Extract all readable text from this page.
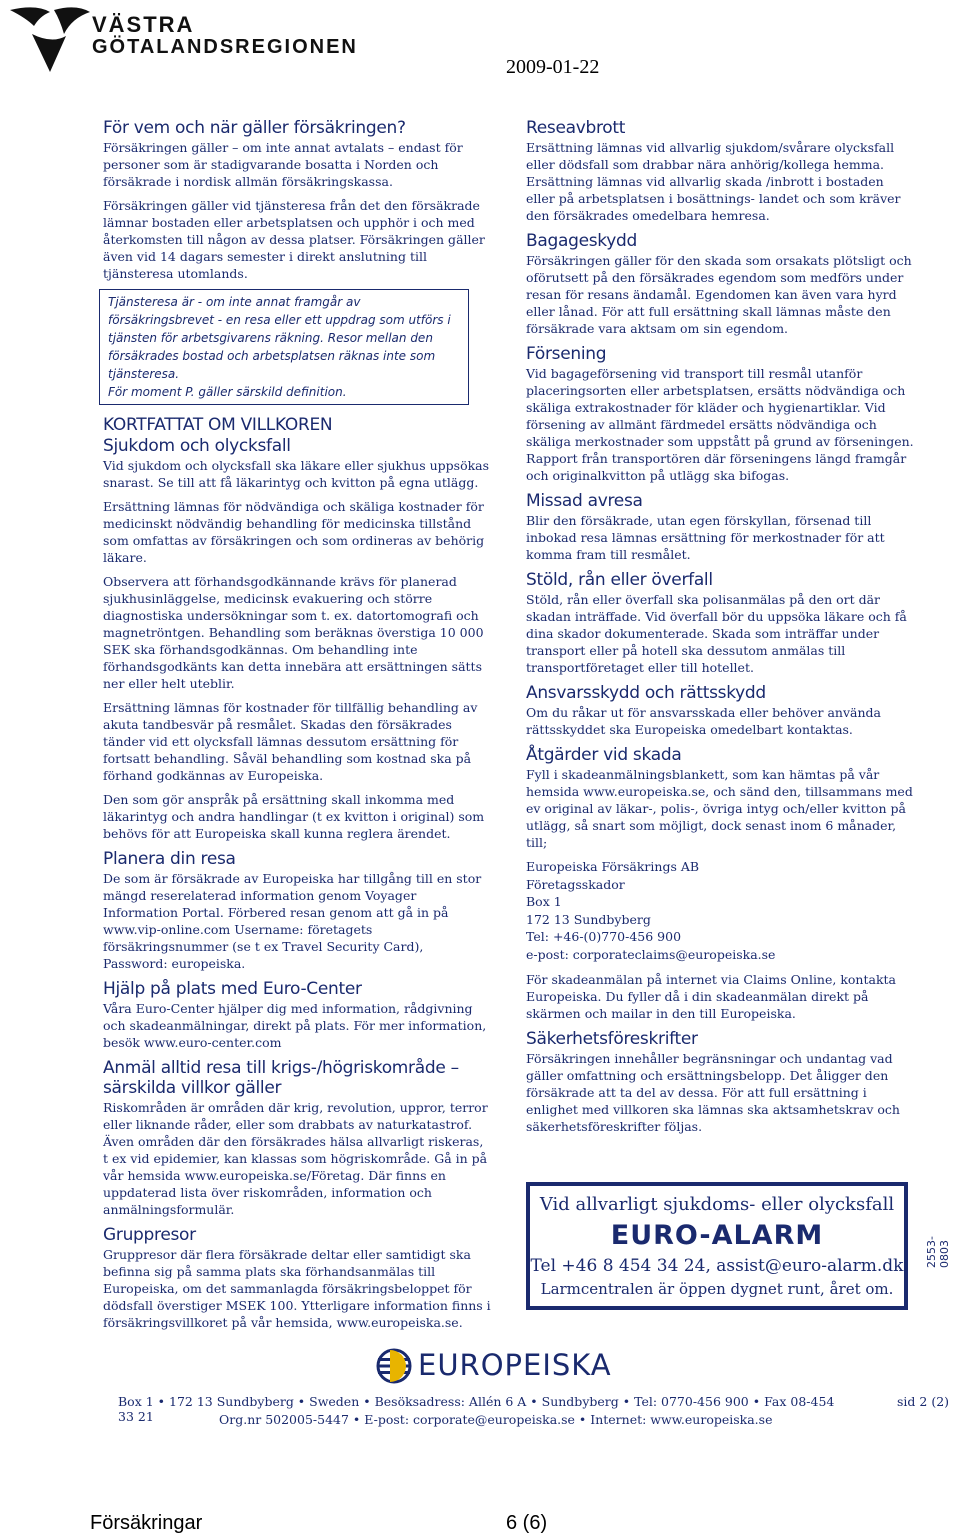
VÄSTRA
GÖTALANDSREGIONEN
2009-01-22
För vem och när gäller försäkringen?
Försäkringen gäller – om inte annat avtalats – endast för personer som är stadigvarande bosatta i Norden och försäkrade i nordisk allmän försäkringskassa.
Försäkringen gäller vid tjänsteresa från det den försäkrade lämnar bostaden eller arbetsplatsen och upphör i och med återkomsten till någon av dessa platser. Försäkringen gäller även vid 14 dagars semester i direkt anslutning till tjänsteresa utomlands.
Tjänsteresa är - om inte annat framgår av försäkringsbrevet - en resa eller ett uppdrag som utförs i tjänsten för arbetsgivarens räkning. Resor mellan den försäkrades bostad och arbetsplatsen räknas inte som tjänsteresa.
För moment P. gäller särskild definition.
KORTFATTAT OM VILLKOREN
Sjukdom och olycksfall
Vid sjukdom och olycksfall ska läkare eller sjukhus uppsökas snarast. Se till att få läkarintyg och kvitton på egna utlägg.
Ersättning lämnas för nödvändiga och skäliga kostnader för medicinskt nödvändig behandling för medicinska tillstånd som omfattas av försäkringen och som ordineras av behörig läkare.
Observera att förhandsgodkännande krävs för planerad sjukhusinläggelse, medicinsk evakuering och större diagnostiska undersökningar som t. ex. datortomografi och magnetröntgen. Behandling som beräknas överstiga 10 000 SEK ska förhandsgodkännas. Om behandling inte förhandsgodkänts kan detta innebära att ersättningen sätts ner eller helt uteblir.
Ersättning lämnas för kostnader för tillfällig behandling av akuta tandbesvär på resmålet. Skadas den försäkrades tänder vid ett olycksfall lämnas dessutom ersättning för fortsatt behandling. Såväl behandling som kostnad ska på förhand godkännas av Europeiska.
Den som gör anspråk på ersättning skall inkomma med läkarintyg och andra handlingar (t ex kvitton i original) som behövs för att Europeiska skall kunna reglera ärendet.
Planera din resa
De som är försäkrade av Europeiska har tillgång till en stor mängd reserelaterad information genom Voyager Information Portal. Förbered resan genom att gå in på www.vip-online.com Username: företagets försäkringsnummer (se t ex Travel Security Card), Password: europeiska.
Hjälp på plats med Euro-Center
Våra Euro-Center hjälper dig med information, rådgivning och skadeanmälningar, direkt på plats. För mer information, besök www.euro-center.com
Anmäl alltid resa till krigs-/högriskområde – särskilda villkor gäller
Riskområden är områden där krig, revolution, uppror, terror eller liknande råder, eller som drabbats av naturkatastrof. Även områden där den försäkrades hälsa allvarligt riskeras, t ex vid epidemier, kan klassas som högriskområde. Gå in på vår hemsida www.europeiska.se/Företag. Där finns en uppdaterad lista över riskområden, information och anmälningsformulär.
Gruppresor
Gruppresor där flera försäkrade deltar eller samtidigt ska befinna sig på samma plats ska förhandsanmälas till Europeiska, om det sammanlagda försäkringsbeloppet för dödsfall överstiger MSEK 100. Ytterligare information finns i försäkringsvillkoret på vår hemsida, www.europeiska.se.
Reseavbrott
Ersättning lämnas vid allvarlig sjukdom/svårare olycksfall eller dödsfall som drabbar nära anhörig/kollega hemma. Ersättning lämnas vid allvarlig skada /inbrott i bostaden eller på arbetsplatsen i bosättnings- landet och som kräver den försäkrades omedelbara hemresa.
Bagageskydd
Försäkringen gäller för den skada som orsakats plötsligt och oförutsett på den försäkrades egendom som medförs under resan för resans ändamål. Egendomen kan även vara hyrd eller lånad. För att full ersättning skall lämnas måste den försäkrade vara aktsam om sin egendom.
Försening
Vid bagageförsening vid transport till resmål utanför placeringsorten eller arbetsplatsen, ersätts nödvändiga och skäliga extrakostnader för kläder och hygienartiklar. Vid försening av allmänt färdmedel ersätts nödvändiga och skäliga merkostnader som uppstått på grund av förseningen. Rapport från transportören där förseningens längd framgår och originalkvitton på utlägg ska bifogas.
Missad avresa
Blir den försäkrade, utan egen förskyllan, försenad till inbokad resa lämnas ersättning för merkostnader för att komma fram till resmålet.
Stöld, rån eller överfall
Stöld, rån eller överfall ska polisanmälas på den ort där skadan inträffade. Vid överfall bör du uppsöka läkare och få dina skador dokumenterade. Skada som inträffar under transport eller på hotell ska dessutom anmälas till transportföretaget eller till hotellet.
Ansvarsskydd och rättsskydd
Om du råkar ut för ansvarsskada eller behöver använda rättsskyddet ska Europeiska omedelbart kontaktas.
Åtgärder vid skada
Fyll i skadeanmälningsblankett, som kan hämtas på vår hemsida www.europeiska.se, och sänd den, tillsammans med ev original av läkar-, polis-, övriga intyg och/eller kvitton på utlägg, så snart som möjligt, dock senast inom 6 månader, till;
Europeiska Försäkrings AB
Företagsskador
Box 1
172 13 Sundbyberg
Tel: +46-(0)770-456 900
e-post: corporateclaims@europeiska.se
För skadeanmälan på internet via Claims Online, kontakta Europeiska. Du fyller då i din skadeanmälan direkt på skärmen och mailar in den till Europeiska.
Säkerhetsföreskrifter
Försäkringen innehåller begränsningar och undantag vad gäller omfattning och ersättningsbelopp. Det åligger den försäkrade att ta del av dessa. För att full ersättning i enlighet med villkoren ska lämnas ska aktsamhetskrav och säkerhetsföreskrifter följas.
Vid allvarligt sjukdoms- eller olycksfall
EURO-ALARM
Tel +46 8 454 34 24, assist@euro-alarm.dk
Larmcentralen är öppen dygnet runt, året om.
2553-0803
EUROPEISKA
Box 1 • 172 13 Sundbyberg • Sweden • Besöksadress: Allén 6 A • Sundbyberg • Tel: 0770-456 900 • Fax 08-454 33 21	Org.nr 502005-5447 • E-post: corporate@europeiska.se • Internet: www.europeiska.se
sid 2 (2)
Försäkringar	6 (6)
